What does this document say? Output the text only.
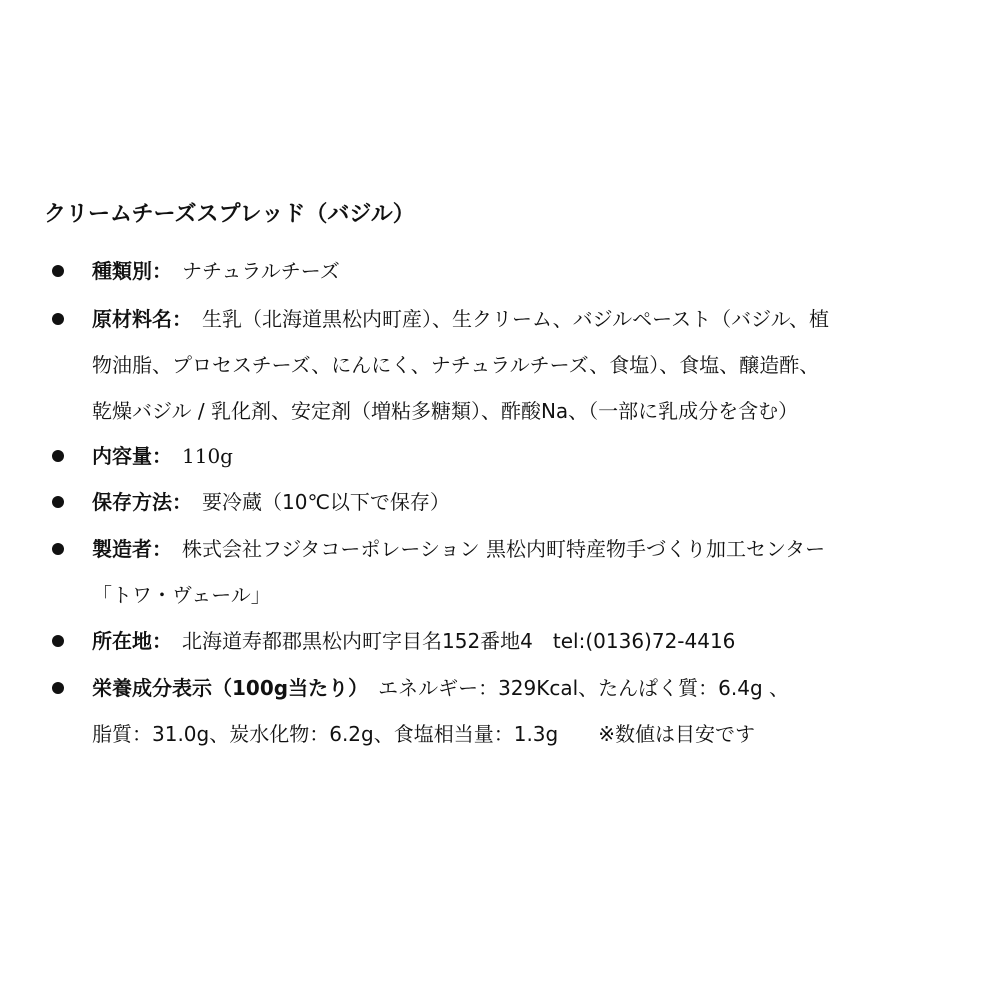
クリームチーズスプレッド（バジル）
種類別： ナチュラルチーズ
原材料名： 生乳（北海道黒松内町産）、生クリーム、バジルペースト（バジル、植
物油脂、プロセスチーズ、にんにく、ナチュラルチーズ、食塩）、食塩、醸造酢、
乾燥バジル / 乳化剤、安定剤（増粘多糖類）、酢酸Na、（一部に乳成分を含む）
内容量： 110g
保存方法： 要冷蔵（10℃以下で保存）
製造者： 株式会社フジタコーポレーション 黒松内町特産物手づくり加工センター
「トワ・ヴェール」
所在地： 北海道寿都郡黒松内町字目名152番地4　tel:(0136)72-4416
栄養成分表示（100g当たり） エネルギー：329Kcal、たんぱく質：6.4g 、
脂質：31.0g、炭水化物：6.2g、食塩相当量：1.3g ※数値は目安です
